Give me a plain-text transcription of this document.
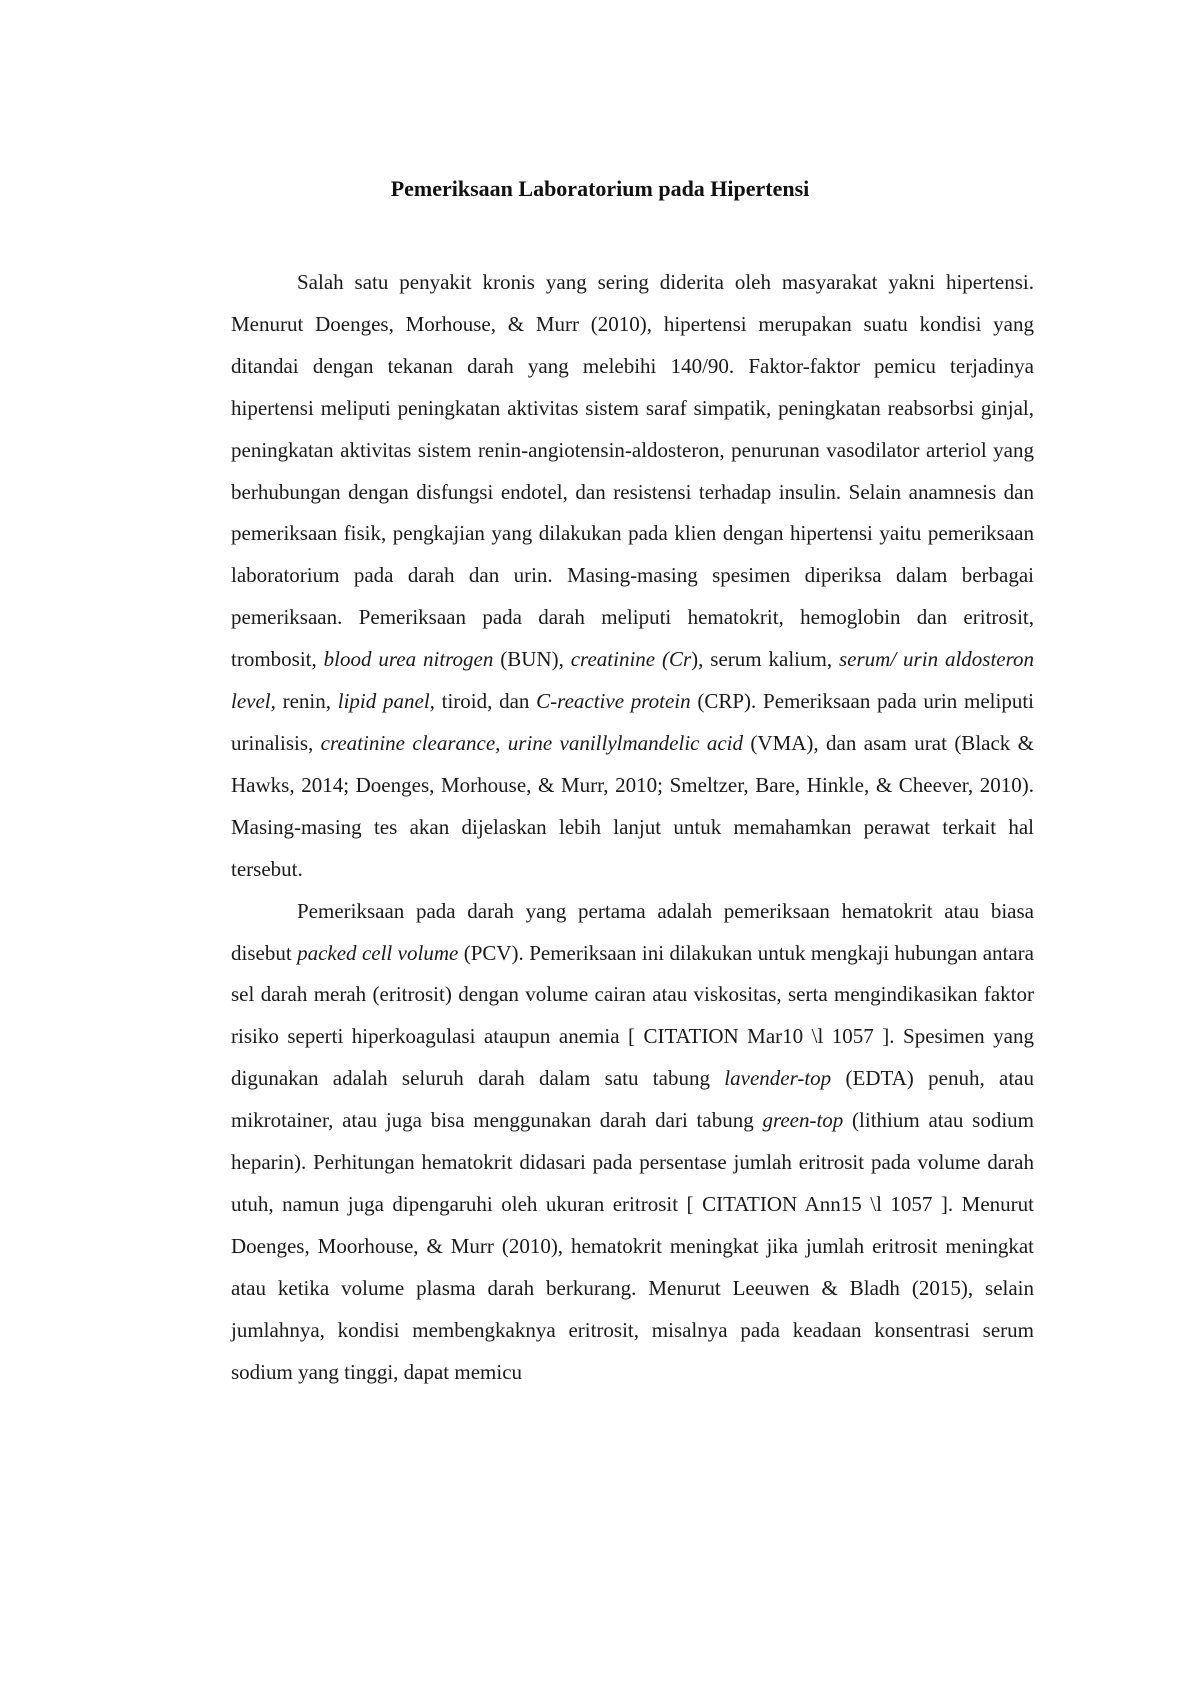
Pemeriksaan Laboratorium pada Hipertensi

Salah satu penyakit kronis yang sering diderita oleh masyarakat yakni hipertensi. Menurut Doenges, Morhouse, & Murr (2010), hipertensi merupakan suatu kondisi yang ditandai dengan tekanan darah yang melebihi 140/90. Faktor-faktor pemicu terjadinya hipertensi meliputi peningkatan aktivitas sistem saraf simpatik, peningkatan reabsorbsi ginjal, peningkatan aktivitas sistem renin-angiotensin-aldosteron, penurunan vasodilator arteriol yang berhubungan dengan disfungsi endotel, dan resistensi terhadap insulin. Selain anamnesis dan pemeriksaan fisik, pengkajian yang dilakukan pada klien dengan hipertensi yaitu pemeriksaan laboratorium pada darah dan urin. Masing-masing spesimen diperiksa dalam berbagai pemeriksaan. Pemeriksaan pada darah meliputi hematokrit, hemoglobin dan eritrosit, trombosit, blood urea nitrogen (BUN), creatinine (Cr), serum kalium, serum/ urin aldosteron level, renin, lipid panel, tiroid, dan C-reactive protein (CRP). Pemeriksaan pada urin meliputi urinalisis, creatinine clearance, urine vanillylmandelic acid (VMA), dan asam urat (Black & Hawks, 2014; Doenges, Morhouse, & Murr, 2010; Smeltzer, Bare, Hinkle, & Cheever, 2010). Masing-masing tes akan dijelaskan lebih lanjut untuk memahamkan perawat terkait hal tersebut.

Pemeriksaan pada darah yang pertama adalah pemeriksaan hematokrit atau biasa disebut packed cell volume (PCV). Pemeriksaan ini dilakukan untuk mengkaji hubungan antara sel darah merah (eritrosit) dengan volume cairan atau viskositas, serta mengindikasikan faktor risiko seperti hiperkoagulasi ataupun anemia [ CITATION Mar10 \l 1057 ]. Spesimen yang digunakan adalah seluruh darah dalam satu tabung lavender-top (EDTA) penuh, atau mikrotainer, atau juga bisa menggunakan darah dari tabung green-top (lithium atau sodium heparin). Perhitungan hematokrit didasari pada persentase jumlah eritrosit pada volume darah utuh, namun juga dipengaruhi oleh ukuran eritrosit [ CITATION Ann15 \l 1057 ]. Menurut Doenges, Moorhouse, & Murr (2010), hematokrit meningkat jika jumlah eritrosit meningkat atau ketika volume plasma darah berkurang. Menurut Leeuwen & Bladh (2015), selain jumlahnya, kondisi membengkaknya eritrosit, misalnya pada keadaan konsentrasi serum sodium yang tinggi, dapat memicu
